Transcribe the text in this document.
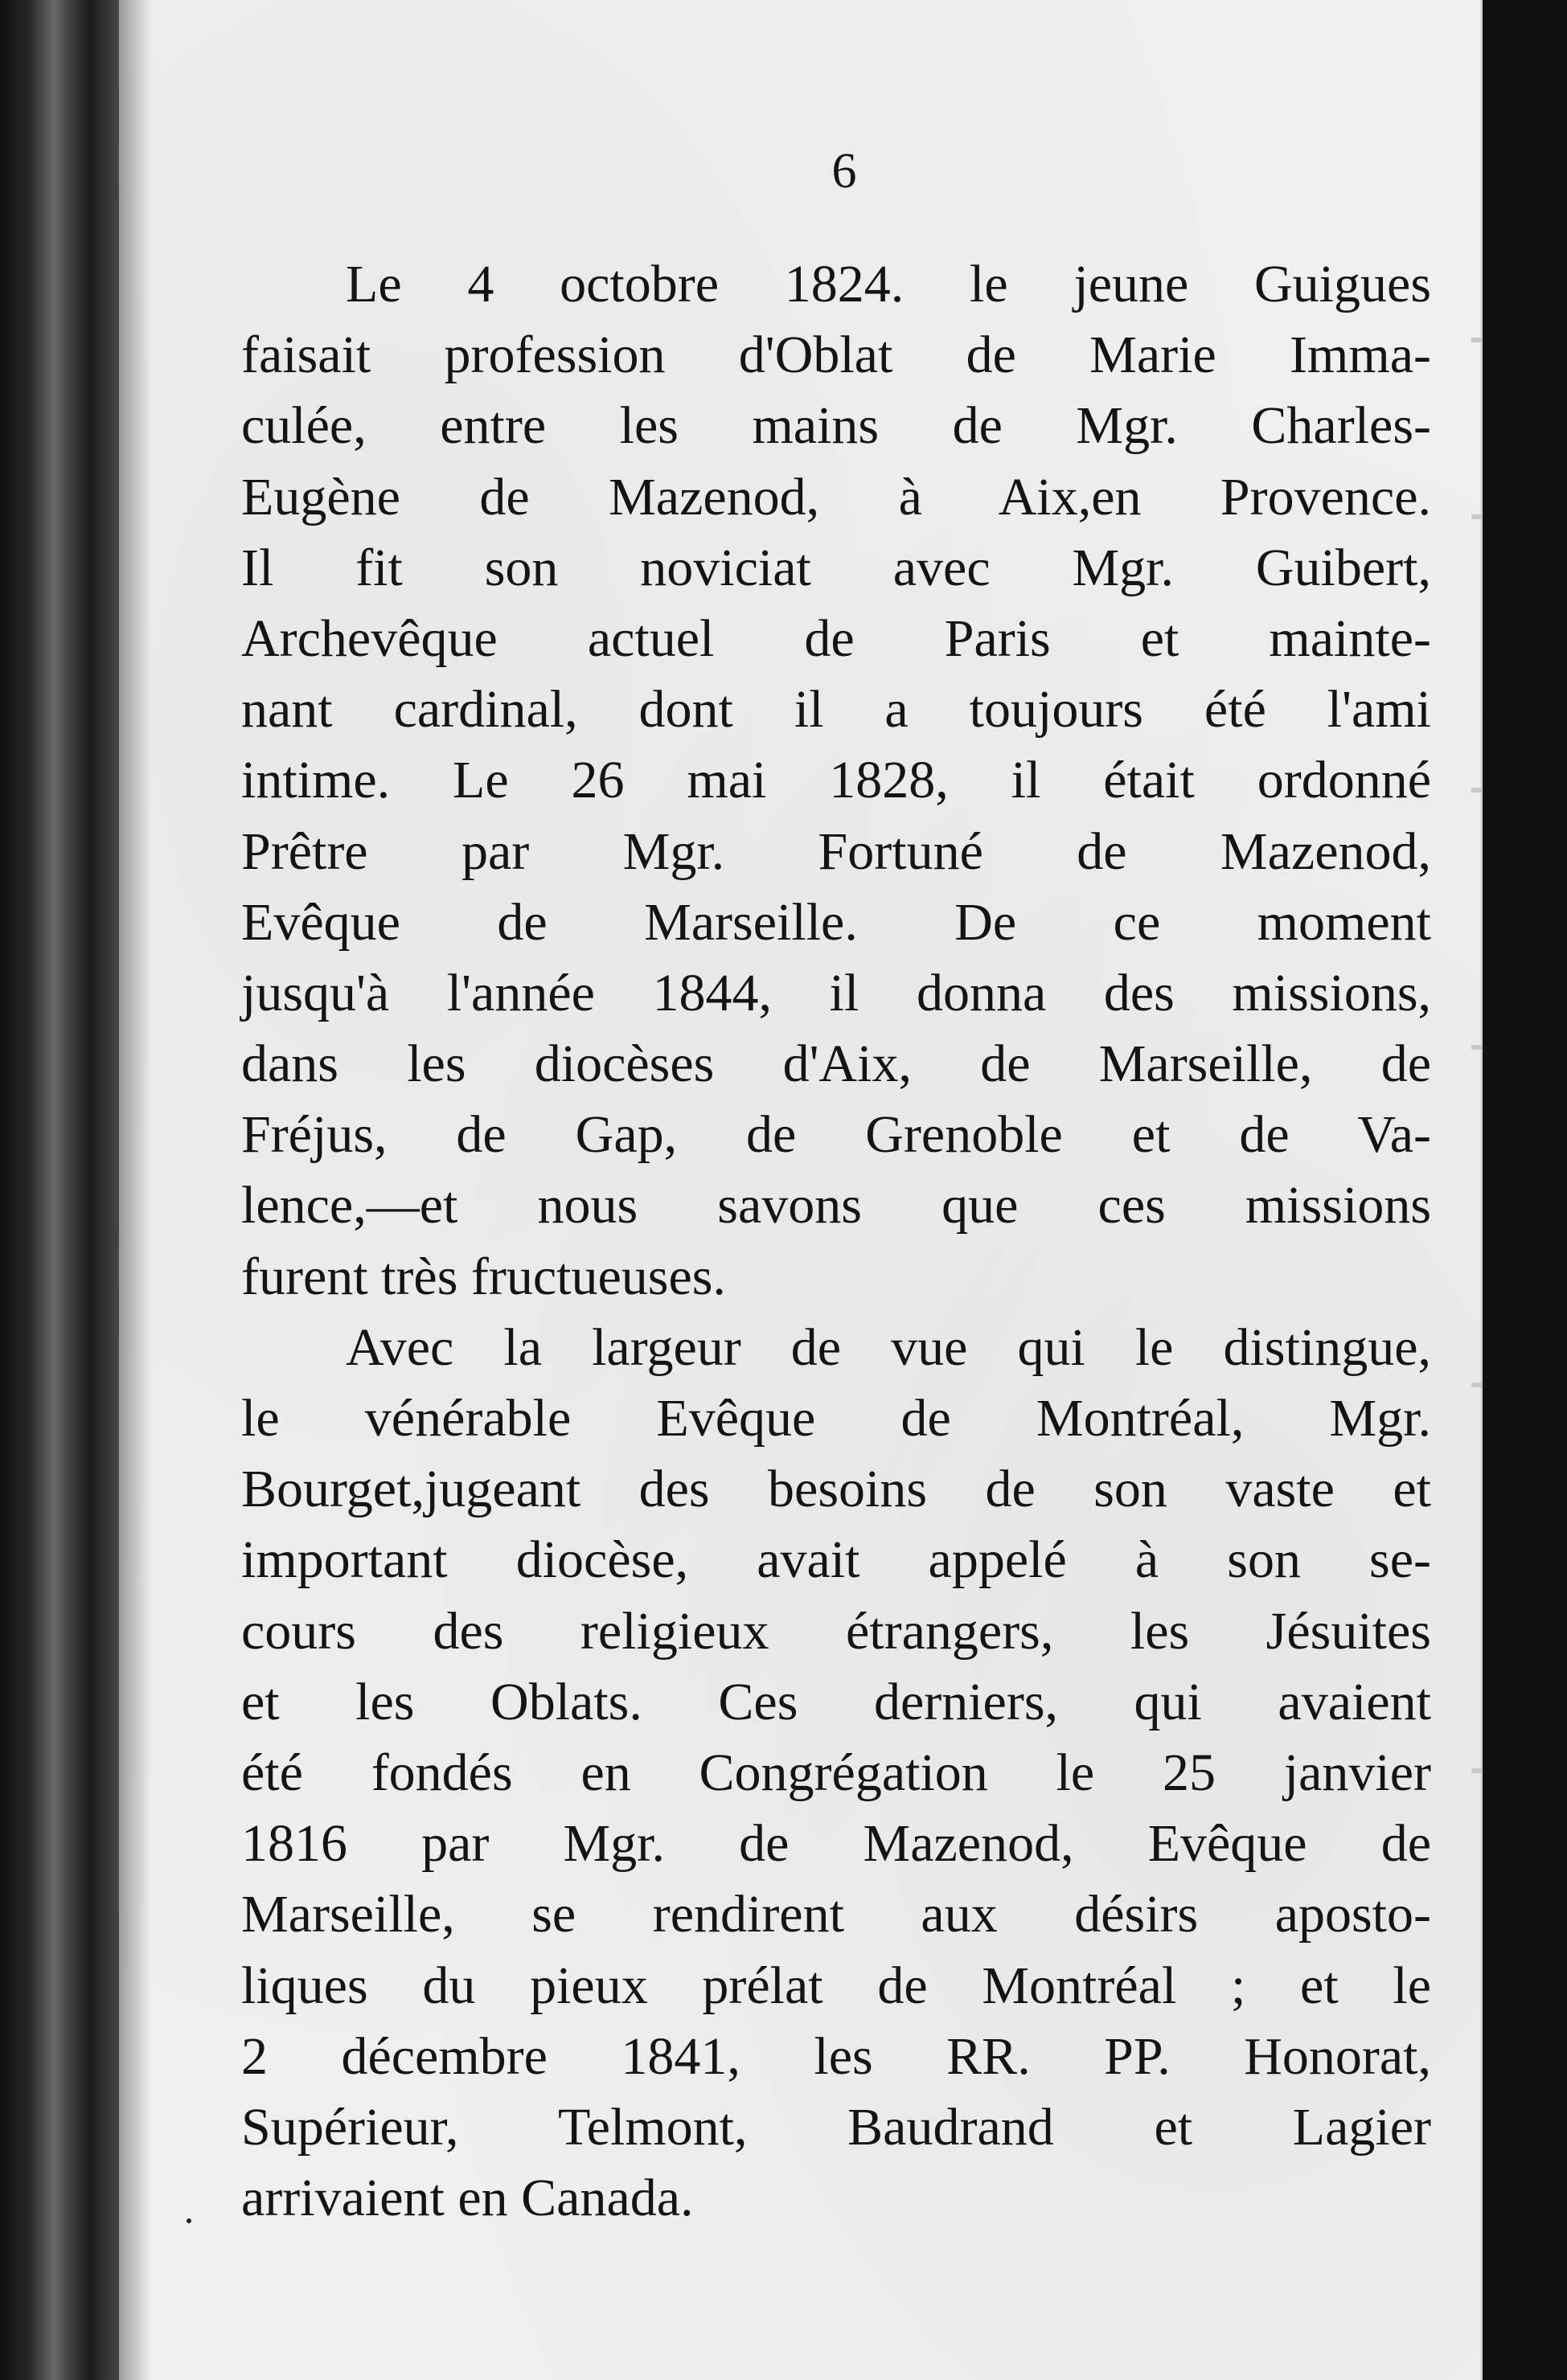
6
Le 4 octobre 1824. le jeune Guigues
faisait profession d'Oblat de Marie Imma-
culée, entre les mains de Mgr. Charles-
Eugène de Mazenod, à Aix,en Provence.
Il fit son noviciat avec Mgr. Guibert,
Archevêque actuel de Paris et mainte-
nant cardinal, dont il a toujours été l'ami
intime. Le 26 mai 1828, il était ordonné
Prêtre par Mgr. Fortuné de Mazenod,
Evêque de Marseille. De ce moment
jusqu'à l'année 1844, il donna des missions,
dans les diocèses d'Aix, de Marseille, de
Fréjus, de Gap, de Grenoble et de Va-
lence,—et nous savons que ces missions
furent très fructueuses.
Avec la largeur de vue qui le distingue,
le vénérable Evêque de Montréal, Mgr.
Bourget,jugeant des besoins de son vaste et
important diocèse, avait appelé à son se-
cours des religieux étrangers, les Jésuites
et les Oblats. Ces derniers, qui avaient
été fondés en Congrégation le 25 janvier
1816 par Mgr. de Mazenod, Evêque de
Marseille, se rendirent aux désirs aposto-
liques du pieux prélat de Montréal ; et le
2 décembre 1841, les RR. PP. Honorat,
Supérieur, Telmont, Baudrand et Lagier
arrivaient en Canada.
